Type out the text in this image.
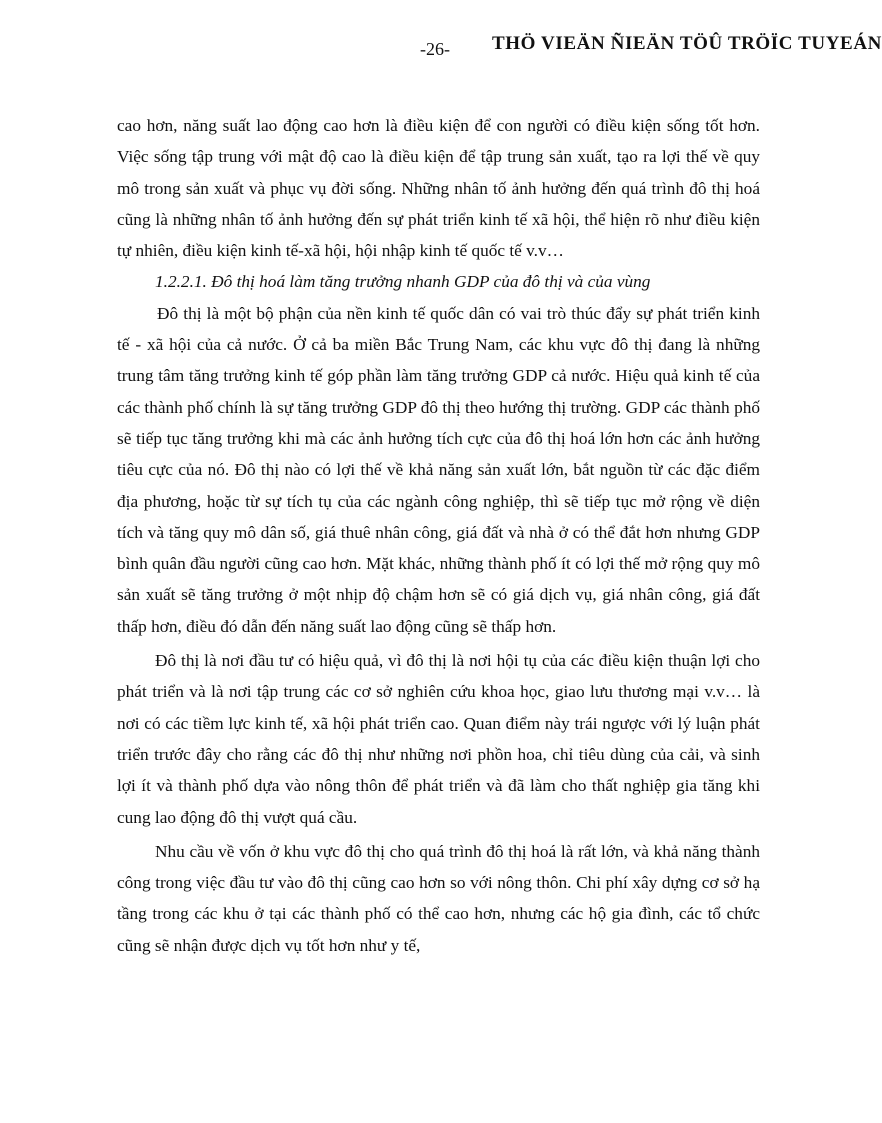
-26- THÖ VIEÄN ÑIEÄN TÖÛ TRÖÏC TUYEÁN

cao hơn, năng suất lao động cao hơn là điều kiện để con người có điều kiện sống tốt hơn. Việc sống tập trung với mật độ cao là điều kiện để tập trung sản xuất, tạo ra lợi thế về quy mô trong sản xuất và phục vụ đời sống. Những nhân tố ảnh hưởng đến quá trình đô thị hoá cũng là những nhân tố ảnh hưởng đến sự phát triển kinh tế xã hội, thể hiện rõ như điều kiện tự nhiên, điều kiện kinh tế-xã hội, hội nhập kinh tế quốc tế v.v…

1.2.2.1. Đô thị hoá làm tăng trưởng nhanh GDP của đô thị và của vùng

Đô thị là một bộ phận của nền kinh tế quốc dân có vai trò thúc đẩy sự phát triển kinh tế - xã hội của cả nước. Ở cả ba miền Bắc Trung Nam, các khu vực đô thị đang là những trung tâm tăng trưởng kinh tế góp phần làm tăng trưởng GDP cả nước. Hiệu quả kinh tế của các thành phố chính là sự tăng trưởng GDP đô thị theo hướng thị trường. GDP các thành phố sẽ tiếp tục tăng trưởng khi mà các ảnh hưởng tích cực của đô thị hoá lớn hơn các ảnh hưởng tiêu cực của nó. Đô thị nào có lợi thế về khả năng sản xuất lớn, bắt nguồn từ các đặc điểm địa phương, hoặc từ sự tích tụ của các ngành công nghiệp, thì sẽ tiếp tục mở rộng về diện tích và tăng quy mô dân số, giá thuê nhân công, giá đất và nhà ở có thể đắt hơn nhưng GDP bình quân đầu người cũng cao hơn. Mặt khác, những thành phố ít có lợi thế mở rộng quy mô sản xuất sẽ tăng trưởng ở một nhịp độ chậm hơn sẽ có giá dịch vụ, giá nhân công, giá đất thấp hơn, điều đó dẫn đến năng suất lao động cũng sẽ thấp hơn.

Đô thị là nơi đầu tư có hiệu quả, vì đô thị là nơi hội tụ của các điều kiện thuận lợi cho phát triển và là nơi tập trung các cơ sở nghiên cứu khoa học, giao lưu thương mại v.v… là nơi có các tiềm lực kinh tế, xã hội phát triển cao. Quan điểm này trái ngược với lý luận phát triển trước đây cho rằng các đô thị như những nơi phồn hoa, chỉ tiêu dùng của cải, và sinh lợi ít và thành phố dựa vào nông thôn để phát triển và đã làm cho thất nghiệp gia tăng khi cung lao động đô thị vượt quá cầu.

Nhu cầu về vốn ở khu vực đô thị cho quá trình đô thị hoá là rất lớn, và khả năng thành công trong việc đầu tư vào đô thị cũng cao hơn so với nông thôn. Chi phí xây dựng cơ sở hạ tầng trong các khu ở tại các thành phố có thể cao hơn, nhưng các hộ gia đình, các tổ chức cũng sẽ nhận được dịch vụ tốt hơn như y tế,
